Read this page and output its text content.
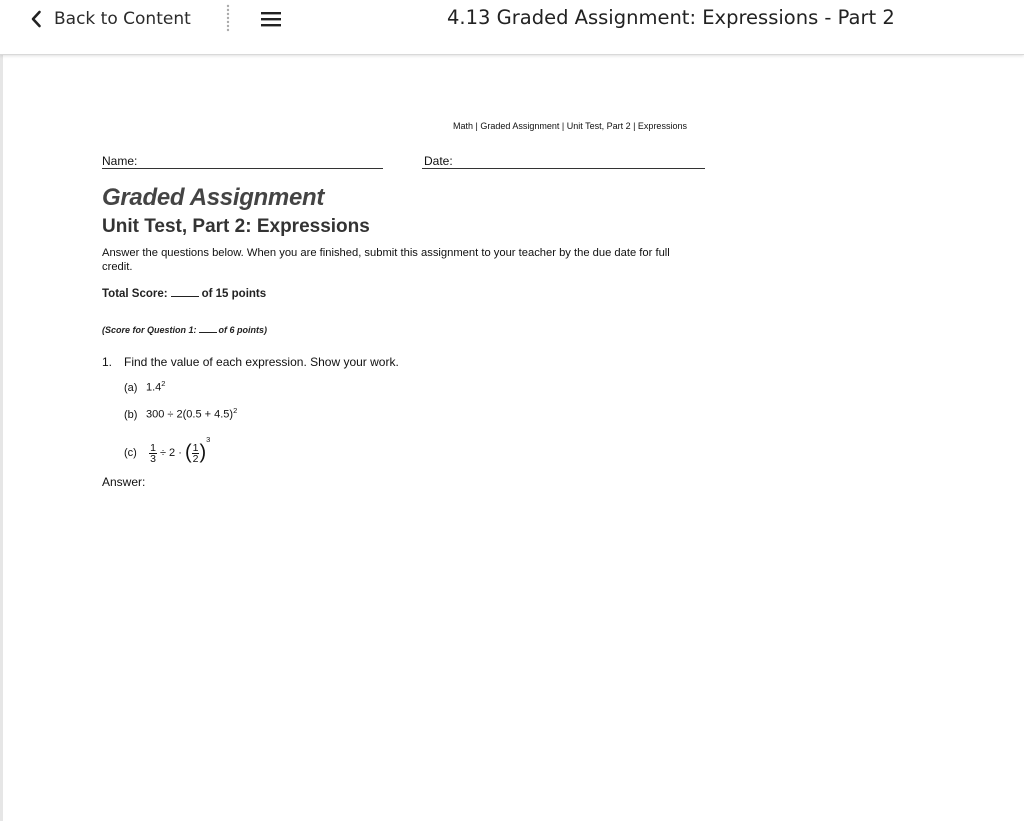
Back to Content	4.13 Graded Assignment: Expressions - Part 2
Math | Graded Assignment | Unit Test, Part 2 | Expressions
Name:	Date:
Graded Assignment
Unit Test, Part 2: Expressions
Answer the questions below. When you are finished, submit this assignment to your teacher by the due date for full credit.
Total Score:	of 15 points
(Score for Question 1: of 6 points)
1. Find the value of each expression. Show your work.
(a) $1.4^2$
(b) $300 \div 2(0.5 + 4.5)^2$
$(c) \frac{1}{3} \div 2$ · ( $\frac{1}{2} )^3$
Answer:
